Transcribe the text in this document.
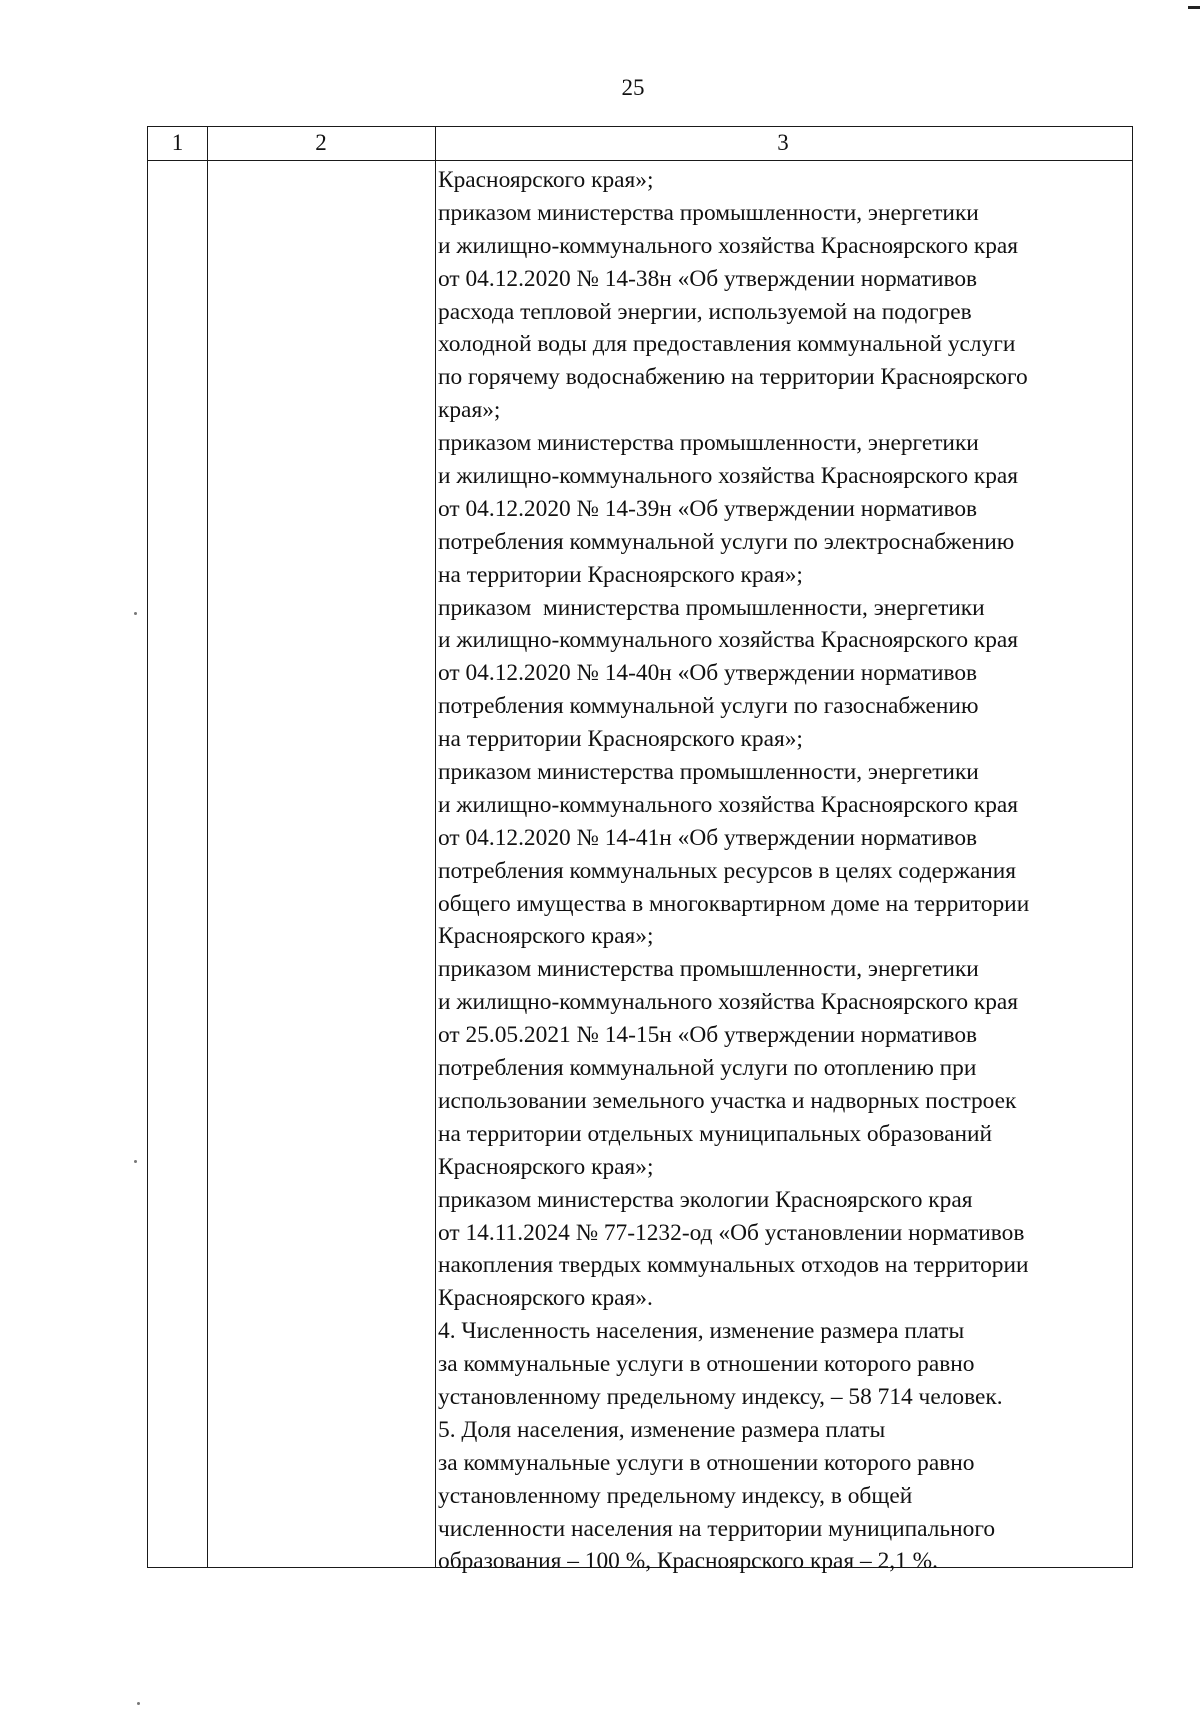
25
1	2	3
Красноярского края»;
приказом министерства промышленности, энергетики
и жилищно-коммунального хозяйства Красноярского края
от 04.12.2020 № 14-38н «Об утверждении нормативов
расхода тепловой энергии, используемой на подогрев
холодной воды для предоставления коммунальной услуги
по горячему водоснабжению на территории Красноярского
края»;
приказом министерства промышленности, энергетики
и жилищно-коммунального хозяйства Красноярского края
от 04.12.2020 № 14-39н «Об утверждении нормативов
потребления коммунальной услуги по электроснабжению
на территории Красноярского края»;
приказом  министерства промышленности, энергетики
и жилищно-коммунального хозяйства Красноярского края
от 04.12.2020 № 14-40н «Об утверждении нормативов
потребления коммунальной услуги по газоснабжению
на территории Красноярского края»;
приказом министерства промышленности, энергетики
и жилищно-коммунального хозяйства Красноярского края
от 04.12.2020 № 14-41н «Об утверждении нормативов
потребления коммунальных ресурсов в целях содержания
общего имущества в многоквартирном доме на территории
Красноярского края»;
приказом министерства промышленности, энергетики
и жилищно-коммунального хозяйства Красноярского края
от 25.05.2021 № 14-15н «Об утверждении нормативов
потребления коммунальной услуги по отоплению при
использовании земельного участка и надворных построек
на территории отдельных муниципальных образований
Красноярского края»;
приказом министерства экологии Красноярского края
от 14.11.2024 № 77-1232-од «Об установлении нормативов
накопления твердых коммунальных отходов на территории
Красноярского края».
4. Численность населения, изменение размера платы
за коммунальные услуги в отношении которого равно
установленному предельному индексу, – 58 714 человек.
5. Доля населения, изменение размера платы
за коммунальные услуги в отношении которого равно
установленному предельному индексу, в общей
численности населения на территории муниципального
образования – 100 %, Красноярского края – 2,1 %.
